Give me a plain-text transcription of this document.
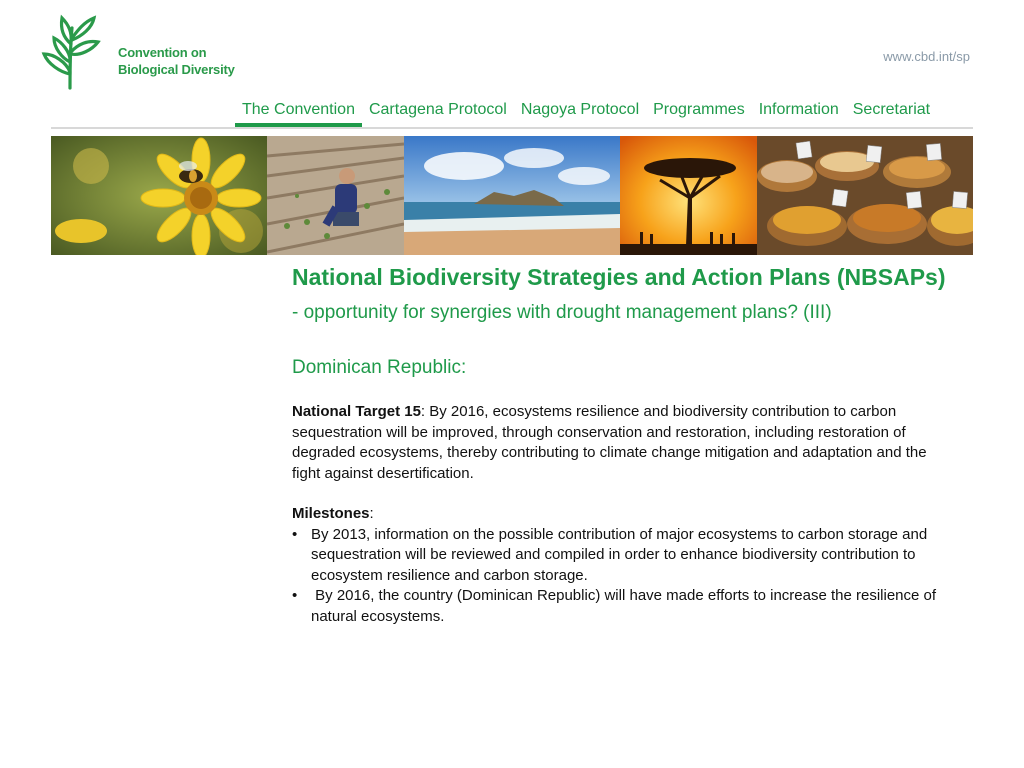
Convention on
Biological Diversity
www.cbd.int/sp
The Convention Cartagena Protocol Nagoya Protocol Programmes Information Secretariat
National Biodiversity Strategies and Action Plans (NBSAPs) - opportunity for synergies with drought management plans? (III)
Dominican Republic:
National Target 15: By 2016, ecosystems resilience and biodiversity contribution to carbon sequestration will be improved, through conservation and restoration, including restoration of degraded ecosystems, thereby contributing to climate change mitigation and adaptation and the fight against desertification.
Milestones:
• By 2013, information on the possible contribution of major ecosystems to carbon storage and sequestration will be reviewed and compiled in order to enhance biodiversity contribution to ecosystem resilience and carbon storage.
• By 2016, the country (Dominican Republic) will have made efforts to increase the resilience of natural ecosystems.
